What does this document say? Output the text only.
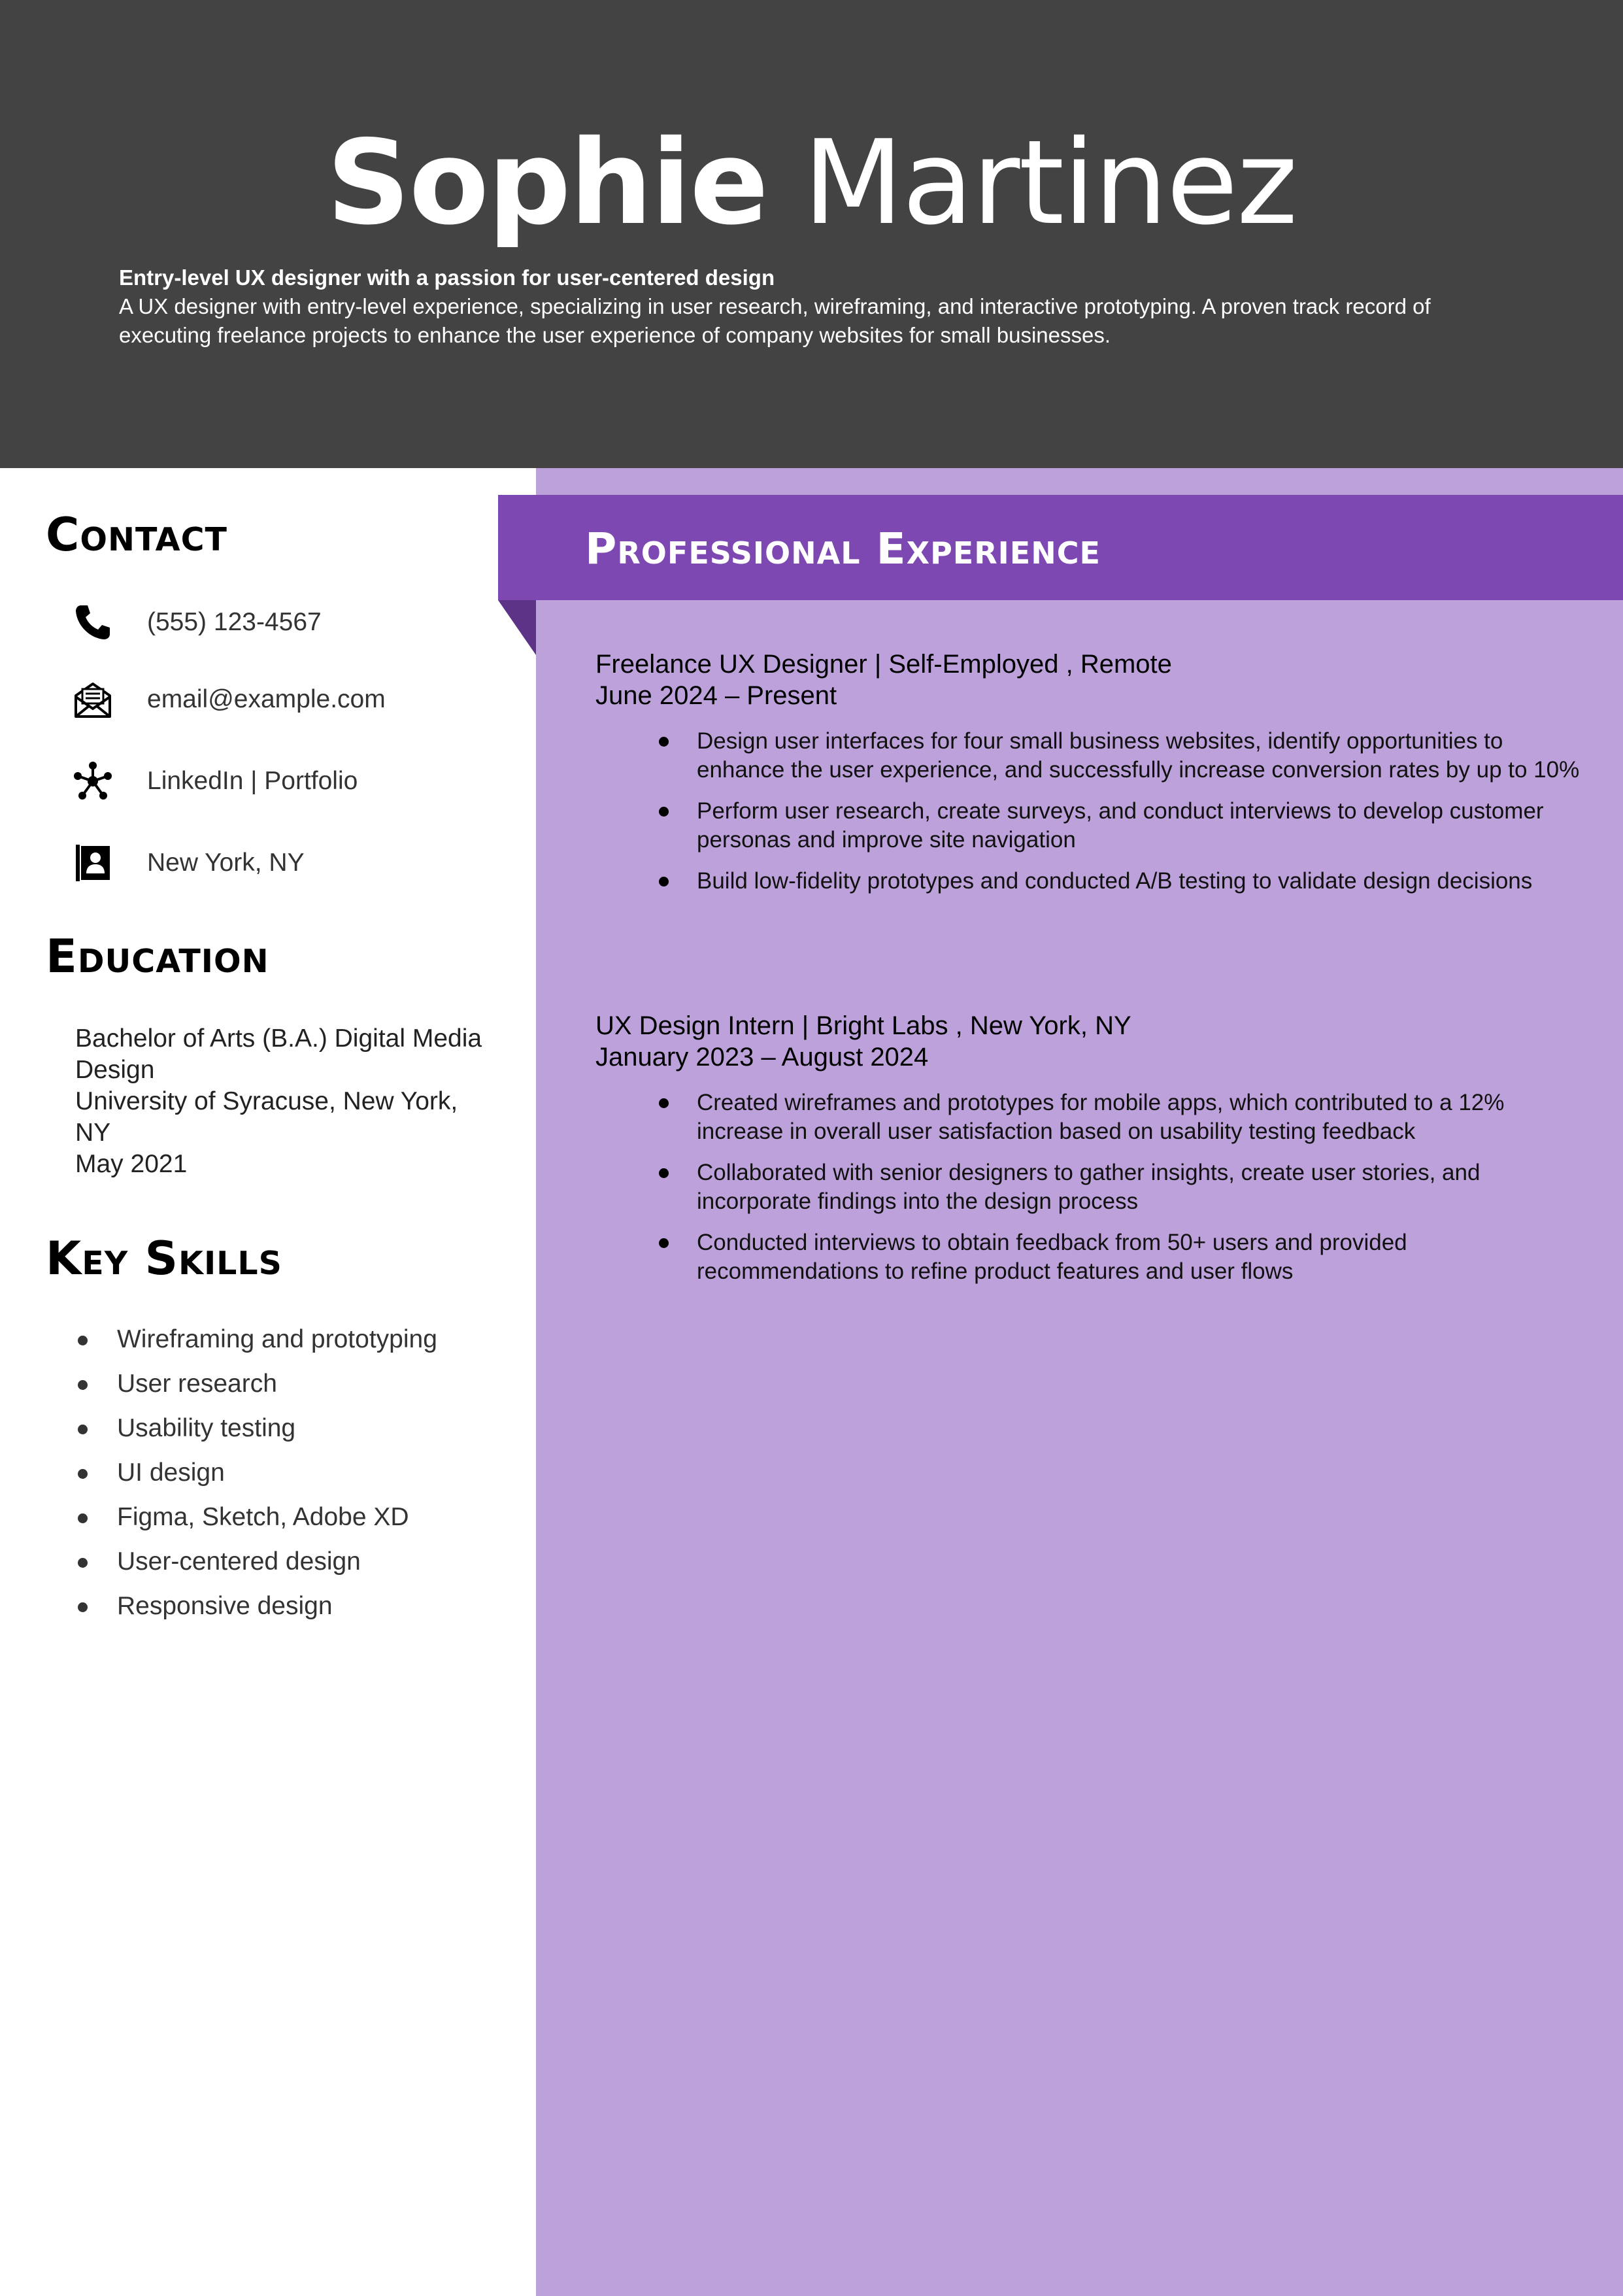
Sophie Martinez
Entry-level UX designer with a passion for user-centered design
A UX designer with entry-level experience, specializing in user research, wireframing, and interactive prototyping. A proven track record of executing freelance projects to enhance the user experience of company websites for small businesses.
Professional Experience
Contact
(555) 123-4567
email@example.com
LinkedIn | Portfolio
New York, NY
Education
Bachelor of Arts (B.A.) Digital Media Design
University of Syracuse, New York, NY
May 2021
Key Skills
Wireframing and prototyping
User research
Usability testing
UI design
Figma, Sketch, Adobe XD
User-centered design
Responsive design
Freelance UX Designer | Self-Employed , Remote
June 2024 – Present
Design user interfaces for four small business websites, identify opportunities to enhance the user experience, and successfully increase conversion rates by up to 10%
Perform user research, create surveys, and conduct interviews to develop customer personas and improve site navigation
Build low-fidelity prototypes and conducted A/B testing to validate design decisions
UX Design Intern | Bright Labs , New York, NY
January 2023 – August 2024
Created wireframes and prototypes for mobile apps, which contributed to a 12% increase in overall user satisfaction based on usability testing feedback
Collaborated with senior designers to gather insights, create user stories, and incorporate findings into the design process
Conducted interviews to obtain feedback from 50+ users and provided recommendations to refine product features and user flows
